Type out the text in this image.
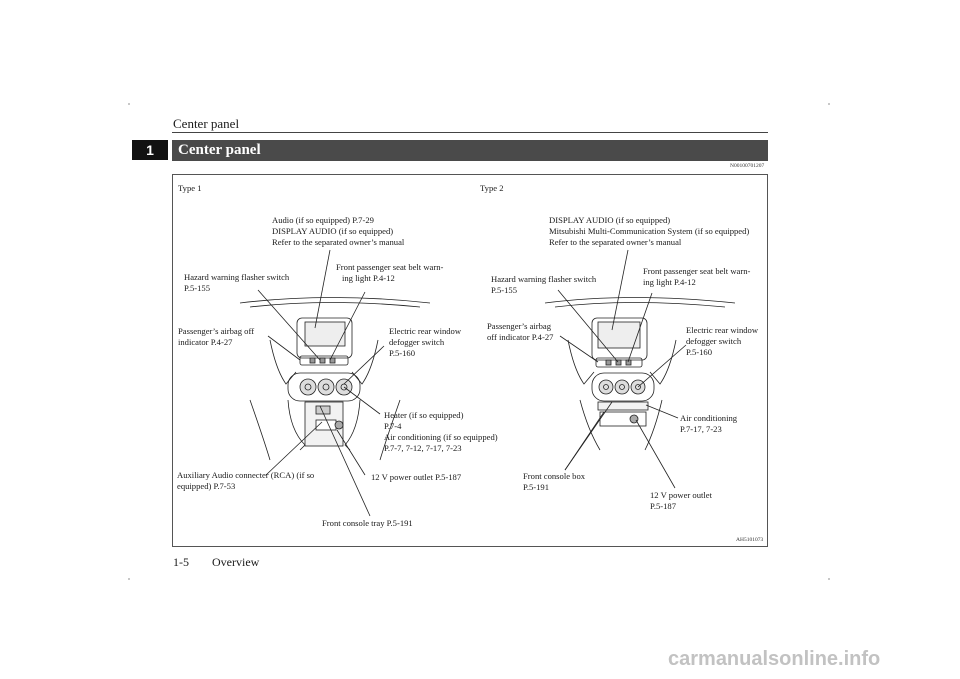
Center panel
1	Center panel
N00100701207
AH5101073
Type 1
Audio (if so equipped) P.7-29
DISPLAY AUDIO (if so equipped)
Refer to the separated owner’s manual
Hazard warning flasher switch
P.5-155
Front passenger seat belt warn-
ing light P.4-12
Passenger’s airbag off
indicator P.4-27
Electric rear window
defogger switch
P.5-160
Heater (if so equipped)
P.7-4
Air conditioning (if so equipped)
P.7-7, 7-12, 7-17, 7-23
Auxiliary Audio connecter (RCA) (if so
equipped) P.7-53
12 V power outlet P.5-187
Front console tray P.5-191
Type 2
DISPLAY AUDIO (if so equipped)
Mitsubishi Multi-Communication System (if so equipped)
Refer to the separated owner’s manual
Hazard warning flasher switch
P.5-155
Front passenger seat belt warn-
ing light P.4-12
Passenger’s airbag
off indicator P.4-27
Electric rear window
defogger switch
P.5-160
Air conditioning
P.7-17, 7-23
Front console box
P.5-191
12 V power outlet
P.5-187
1-5 Overview
carmanualsonline.info
